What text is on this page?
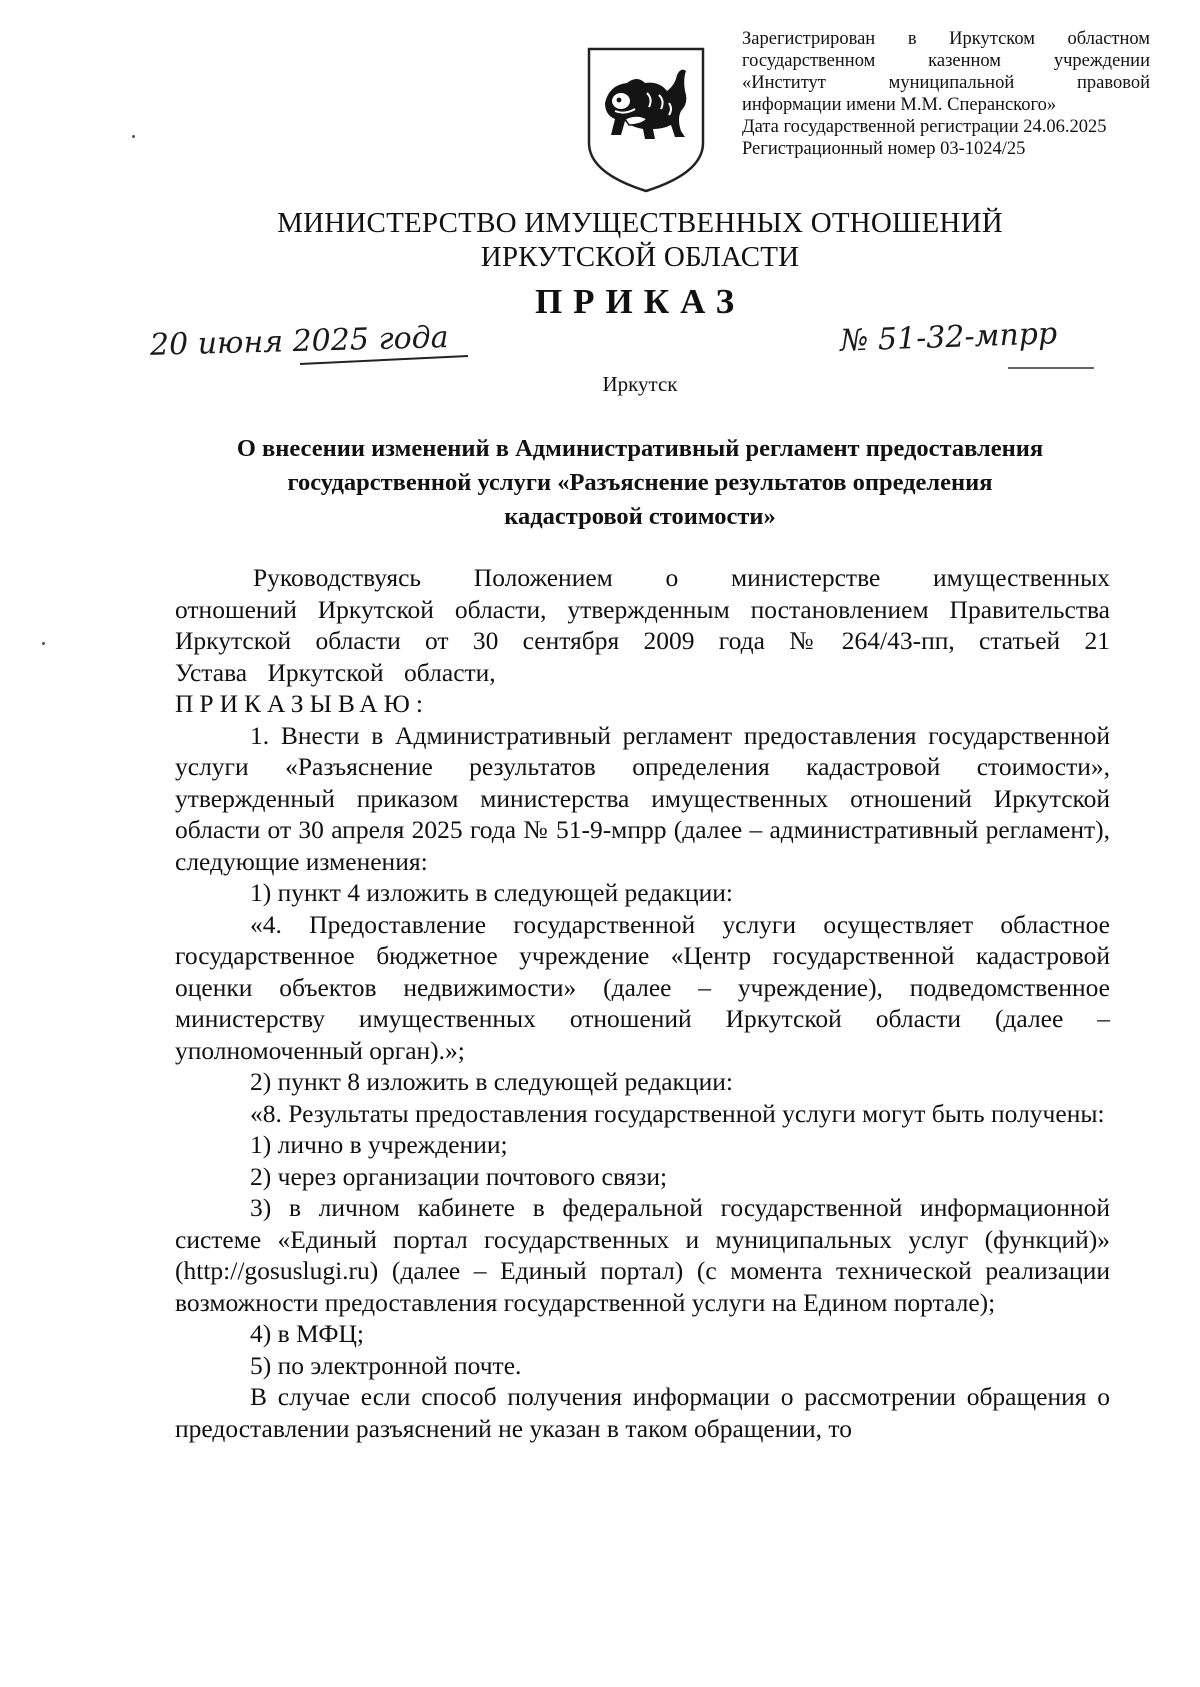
Зарегистрирован в Иркутском областном
государственном казенном учреждении
«Институт муниципальной правовой
информации имени М.М. Сперанского»
Дата государственной регистрации 24.06.2025
Регистрационный номер 03-1024/25
МИНИСТЕРСТВО ИМУЩЕСТВЕННЫХ ОТНОШЕНИЙ
ИРКУТСКОЙ ОБЛАСТИ
ПРИКАЗ
20 июня 2025 года	№ 51-32-мпрр
Иркутск
О внесении изменений в Административный регламент предоставления
государственной услуги «Разъяснение результатов определения
кадастровой стоимости»

Руководствуясь Положением о министерстве имущественных отношений Иркутской области, утвержденным постановлением Правительства Иркутской области от 30 сентября 2009 года № 264/43-пп, статьей 21 Устава Иркутской области,

ПРИКАЗЫВАЮ:

1. Внести в Административный регламент предоставления государственной услуги «Разъяснение результатов определения кадастровой стоимости», утвержденный приказом министерства имущественных отношений Иркутской области от 30 апреля 2025 года № 51-9-мпрр (далее – административный регламент), следующие изменения:

1) пункт 4 изложить в следующей редакции:

«4. Предоставление государственной услуги осуществляет областное государственное бюджетное учреждение «Центр государственной кадастровой оценки объектов недвижимости» (далее – учреждение), подведомственное министерству имущественных отношений Иркутской области (далее – уполномоченный орган).»;

2) пункт 8 изложить в следующей редакции:

«8. Результаты предоставления государственной услуги могут быть получены:

1) лично в учреждении;

2) через организации почтового связи;

3) в личном кабинете в федеральной государственной информационной системе «Единый портал государственных и муниципальных услуг (функций)» (http://gosuslugi.ru) (далее – Единый портал) (с момента технической реализации возможности предоставления государственной услуги на Едином портале);

4) в МФЦ;

5) по электронной почте.

В случае если способ получения информации о рассмотрении обращения о предоставлении разъяснений не указан в таком обращении, то
